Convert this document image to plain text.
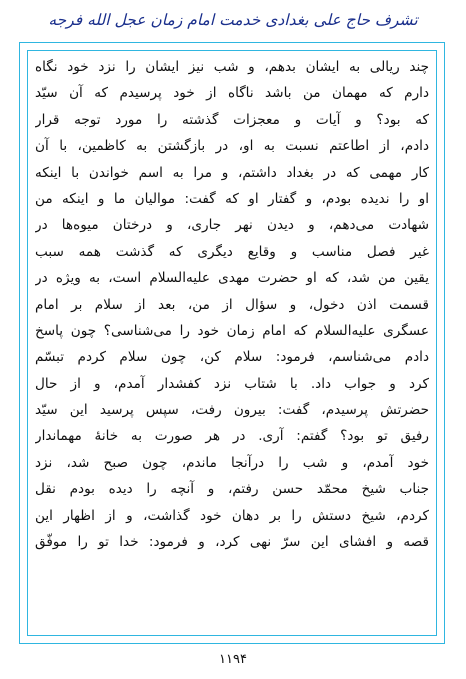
تشرف حاج علی بغدادی خدمت امام زمان عجل الله فرجه
چند ریالی به ایشان بدهم، و شب نیز ایشان را نزد خود نگاه
دارم که مهمان من باشد ناگاه از خود پرسیدم که آن سیّد
که بود؟ و آیات و معجزات گذشته را مورد توجه قرار
دادم، از اطاعتم نسبت به او، در بازگشتن به کاظمین، با آن
کار مهمی که در بغداد داشتم، و مرا به اسم خواندن با اینکه
او را ندیده بودم، و گفتار او که گفت: موالیان ما و اینکه من
شهادت می‌دهم، و دیدن نهر جاری، و درختان میوه‌ها در
غیر فصل مناسب و وقایع دیگری که گذشت همه سبب
یقین من شد، که او حضرت مهدی عليه‌السلام است، به ویژه در
قسمت اذن دخول، و سؤال از من، بعد از سلام بر امام
عسگری عليه‌السلام که امام زمان خود را می‌شناسی؟ چون پاسخ
دادم می‌شناسم، فرمود: سلام کن، چون سلام کردم تبسّم
کرد و جواب داد. با شتاب نزد کفشدار آمدم، و از حال
حضرتش پرسیدم، گفت: بیرون رفت، سپس پرسید این سیّد
رفیق تو بود؟ گفتم: آری. در هر صورت به خانهٔ مهماندار
خود آمدم، و شب را درآنجا ماندم، چون صبح شد، نزد
جناب شیخ محمّد حسن رفتم، و آنچه را دیده بودم نقل
کردم، شیخ دستش را بر دهان خود گذاشت، و از اظهار این
قصه و افشای این سرّ نهی کرد، و فرمود: خدا تو را موفّق
۱۱۹۴
